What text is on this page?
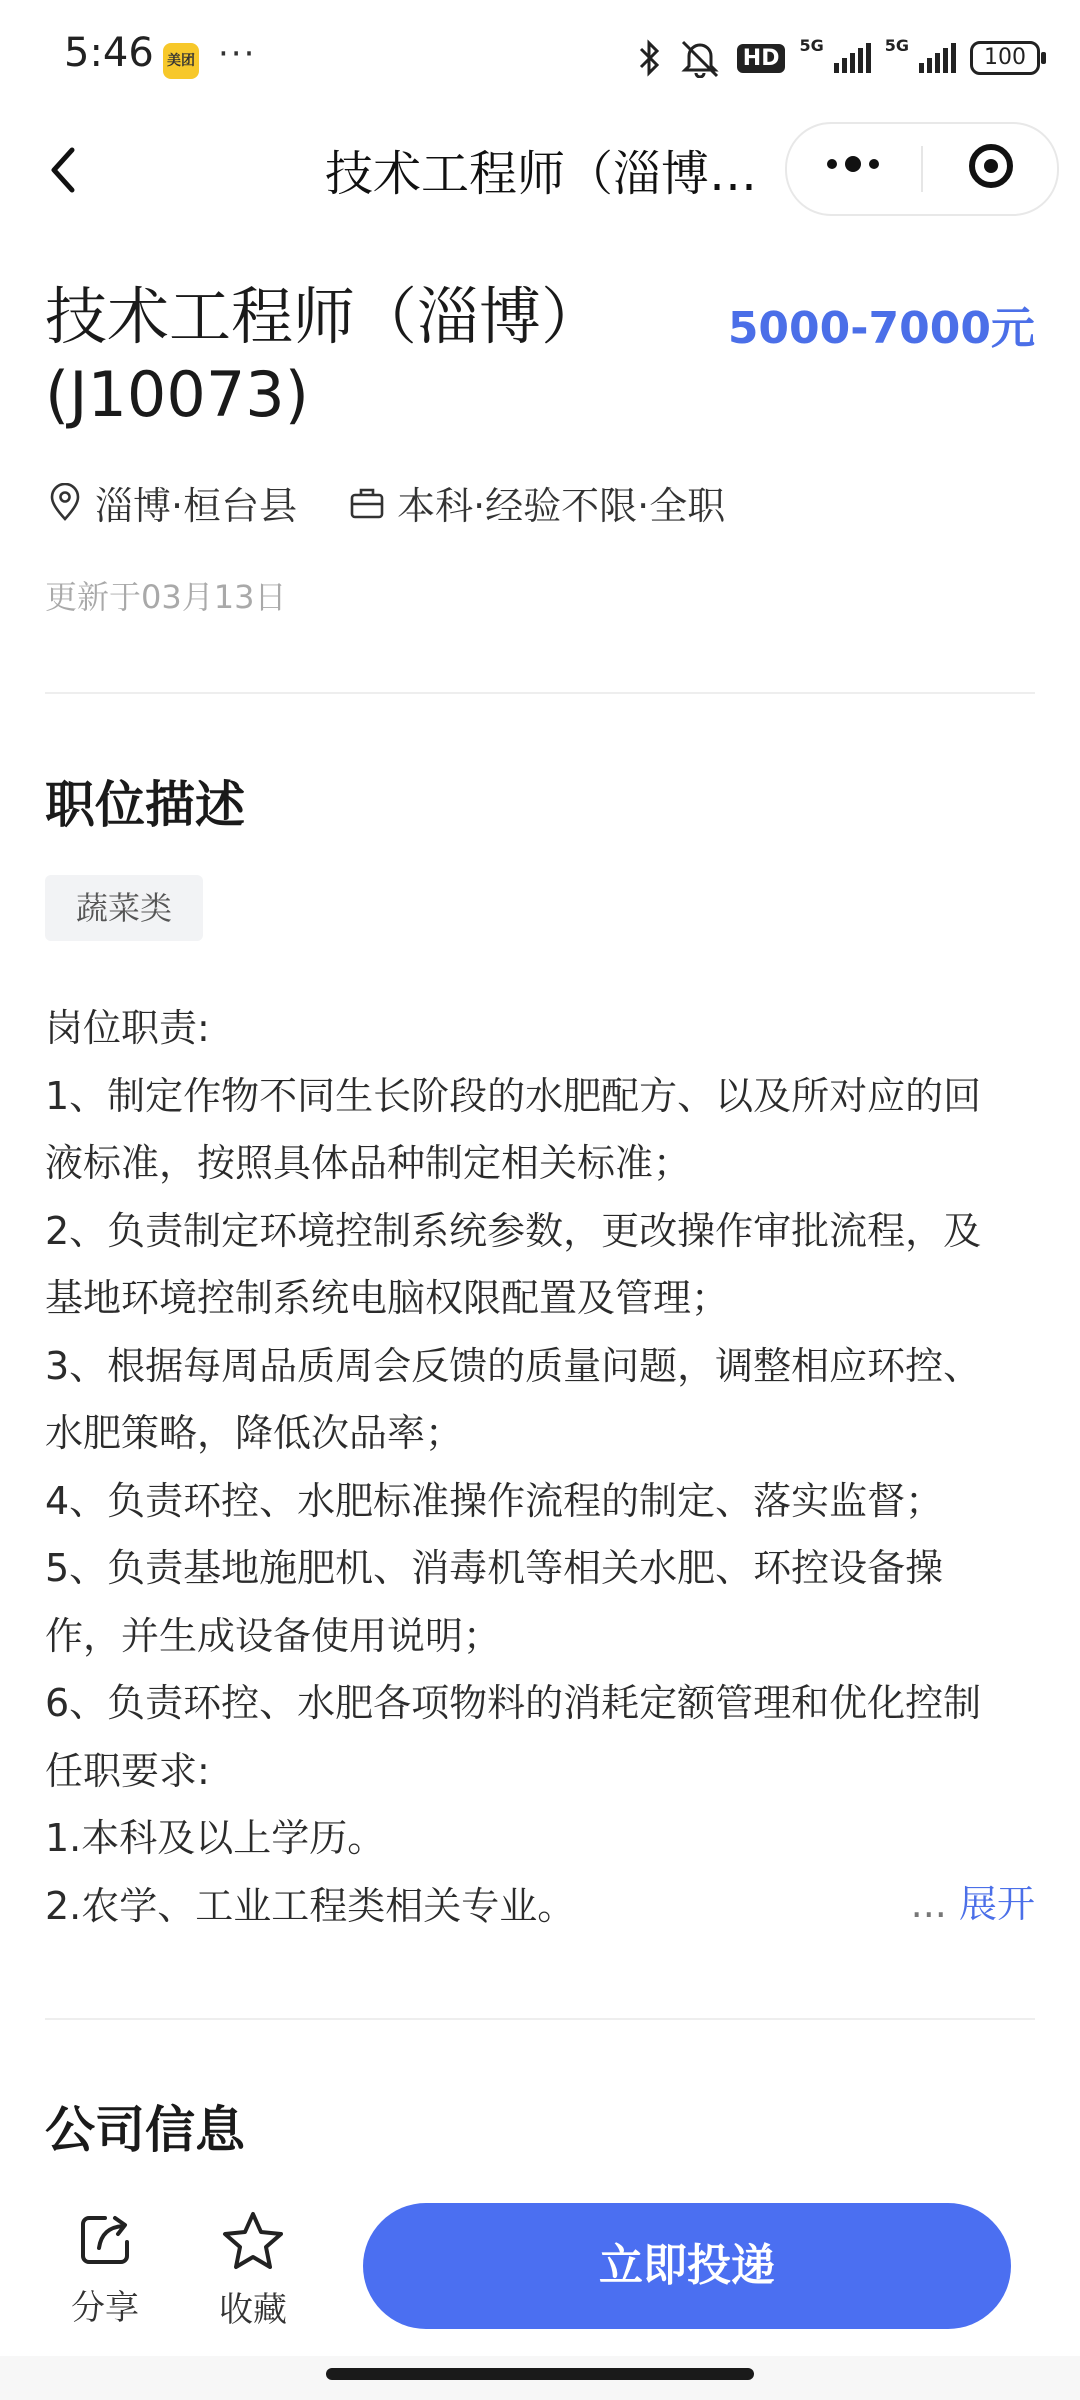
5:46 美团 ···	HD	5G	5G	100
技术工程师（淄博…
技术工程师（淄博）(J10073)
5000-7000元
淄博·桓台县	本科·经验不限·全职
更新于03月13日
职位描述
蔬菜类
岗位职责:
1、制定作物不同生长阶段的水肥配方、以及所对应的回
液标准，按照具体品种制定相关标准；
2、负责制定环境控制系统参数，更改操作审批流程，及
基地环境控制系统电脑权限配置及管理；
3、根据每周品质周会反馈的质量问题，调整相应环控、
水肥策略，降低次品率；
4、负责环控、水肥标准操作流程的制定、落实监督；
5、负责基地施肥机、消毒机等相关水肥、环控设备操
作，并生成设备使用说明；
6、负责环控、水肥各项物料的消耗定额管理和优化控制
任职要求:
1.本科及以上学历。
2.农学、工业工程类相关专业。	... 展开
公司信息
分享 收藏
立即投递
